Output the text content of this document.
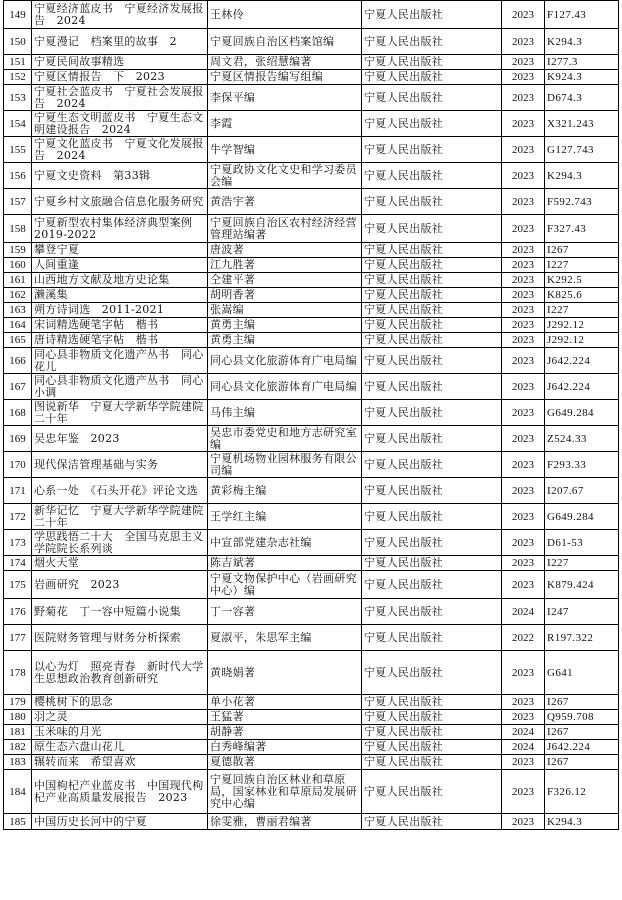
149	宁夏经济蓝皮书　宁夏经济发展报告　2024	王林伶	宁夏人民出版社	2023	F127.43
150	宁夏漫记　档案里的故事　2	宁夏回族自治区档案馆编	宁夏人民出版社	2023	K294.3
151	宁夏民间故事精选	周文君，张绍慧编著	宁夏人民出版社	2023	I277.3
152	宁夏区情报告　下　2023	宁夏区情报告编写组编	宁夏人民出版社	2023	K924.3
153	宁夏社会蓝皮书　宁夏社会发展报告　2024	李保平编	宁夏人民出版社	2023	D674.3
154	宁夏生态文明蓝皮书　宁夏生态文明建设报告　2024	李霞	宁夏人民出版社	2023	X321.243
155	宁夏文化蓝皮书　宁夏文化发展报告　2024	牛学智编	宁夏人民出版社	2023	G127.743
156	宁夏文史资料　第33辑	宁夏政协文化文史和学习委员会编	宁夏人民出版社	2023	K294.3
157	宁夏乡村文旅融合信息化服务研究	黄浩宇著	宁夏人民出版社	2023	F592.743
158	宁夏新型农村集体经济典型案例　2019-2022	宁夏回族自治区农村经济经营管理站编著	宁夏人民出版社	2023	F327.43
159	攀登宁夏	唐波著	宁夏人民出版社	2023	I267
160	人间重逢	江九胜著	宁夏人民出版社	2023	I227
161	山西地方文献及地方史论集	仝建平著	宁夏人民出版社	2023	K292.5
162	濑溪集	胡明香著	宁夏人民出版社	2023	K825.6
163	朔方诗词选　2011-2021	张嵩编	宁夏人民出版社	2023	I227
164	宋词精选硬笔字帖　楷书	黄勇主编	宁夏人民出版社	2023	J292.12
165	唐诗精选硬笔字帖　楷书	黄勇主编	宁夏人民出版社	2023	J292.12
166	同心县非物质文化遗产丛书　同心花儿	同心县文化旅游体育广电局编	宁夏人民出版社	2023	J642.224
167	同心县非物质文化遗产丛书　同心小调	同心县文化旅游体育广电局编	宁夏人民出版社	2023	J642.224
168	图说新华　宁夏大学新华学院建院二十年	马伟主编	宁夏人民出版社	2023	G649.284
169	吴忠年鉴　2023	吴忠市委党史和地方志研究室编	宁夏人民出版社	2023	Z524.33
170	现代保洁管理基础与实务	宁夏机场物业园林服务有限公司编	宁夏人民出版社	2023	F293.33
171	心系一处　《石头开花》评论文选	黄彩梅主编	宁夏人民出版社	2023	I207.67
172	新华记忆　宁夏大学新华学院建院二十年	王学红主编	宁夏人民出版社	2023	G649.284
173	学思践悟二十大　全国马克思主义学院院长系列谈	中宣部党建杂志社编	宁夏人民出版社	2023	D61-53
174	烟火天堂	陈吉斌著	宁夏人民出版社	2023	I227
175	岩画研究　2023	宁夏文物保护中心（岩画研究中心）编	宁夏人民出版社	2023	K879.424
176	野菊花　丁一容中短篇小说集	丁一容著	宁夏人民出版社	2024	I247
177	医院财务管理与财务分析探索	夏淑平，朱思军主编	宁夏人民出版社	2022	R197.322
178	以心为灯　照亮青春　新时代大学生思想政治教育创新研究	黄晓娟著	宁夏人民出版社	2023	G641
179	樱桃树下的思念	单小花著	宁夏人民出版社	2023	I267
180	羽之灵	王猛著	宁夏人民出版社	2023	Q959.708
181	玉米味的月光	胡静著	宁夏人民出版社	2024	I267
182	原生态六盘山花儿	白秀峰编著	宁夏人民出版社	2024	J642.224
183	辗转而来　希望喜欢	夏德散著	宁夏人民出版社	2023	I267
184	中国枸杞产业蓝皮书　中国现代枸杞产业高质量发展报告　2023	宁夏回族自治区林业和草原局，国家林业和草原局发展研究中心编	宁夏人民出版社	2023	F326.12
185	中国历史长河中的宁夏	徐雯雅，曹丽君编著	宁夏人民出版社	2023	K294.3
